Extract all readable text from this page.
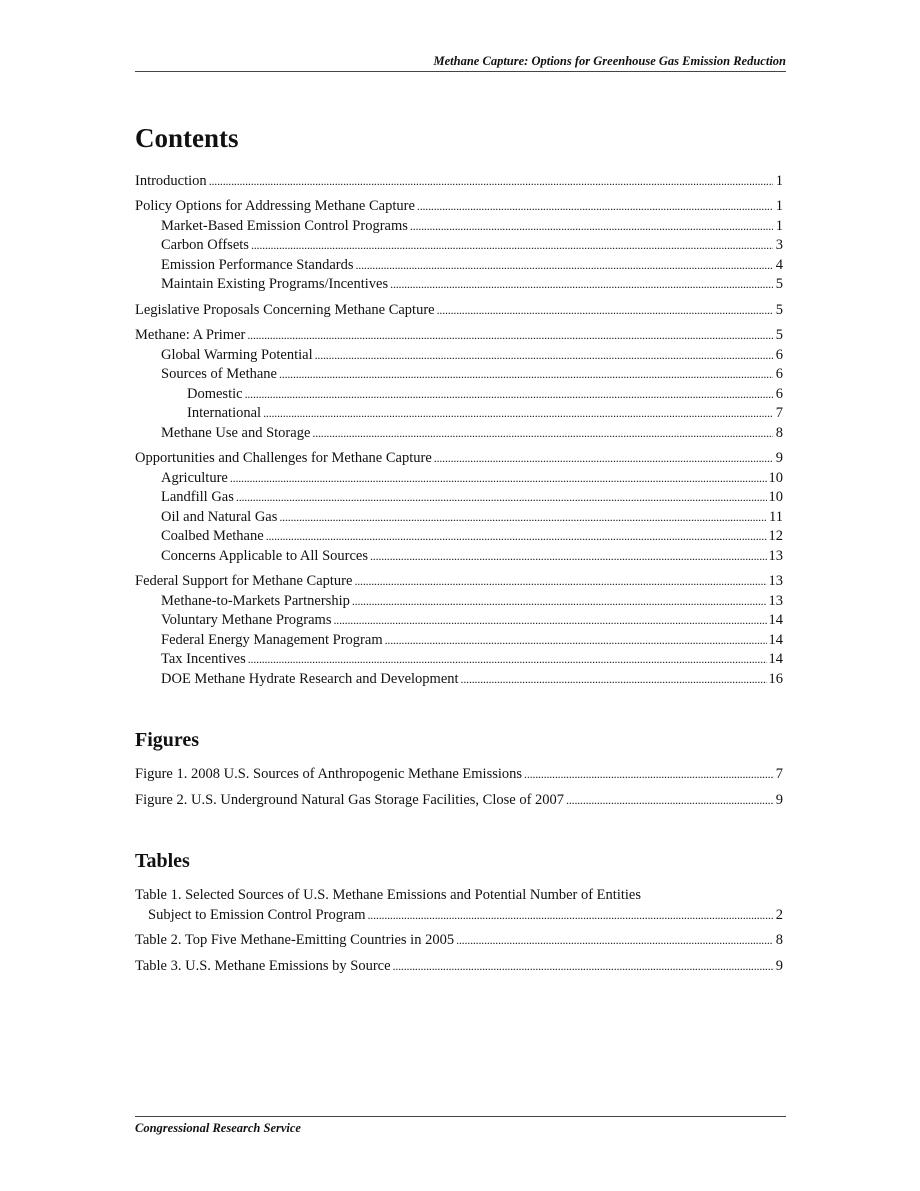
Methane Capture: Options for Greenhouse Gas Emission Reduction
Contents
Introduction . . .	1
Policy Options for Addressing Methane Capture . . .	1
Market-Based Emission Control Programs . . .	1
Carbon Offsets . . .	3
Emission Performance Standards . . .	4
Maintain Existing Programs/Incentives . . .	5
Legislative Proposals Concerning Methane Capture . . .	5
Methane: A Primer . . .	5
Global Warming Potential . . .	6
Sources of Methane . . .	6
Domestic . . .	6
International . . .	7
Methane Use and Storage . . .	8
Opportunities and Challenges for Methane Capture . . .	9
Agriculture . . .	10
Landfill Gas . . .	10
Oil and Natural Gas . . .	11
Coalbed Methane . . .	12
Concerns Applicable to All Sources . . .	13
Federal Support for Methane Capture . . .	13
Methane-to-Markets Partnership . . .	13
Voluntary Methane Programs . . .	14
Federal Energy Management Program . . .	14
Tax Incentives . . .	14
DOE Methane Hydrate Research and Development . . .	16
Figures
Figure 1. 2008 U.S. Sources of Anthropogenic Methane Emissions . . .	7
Figure 2. U.S. Underground Natural Gas Storage Facilities, Close of 2007 . . .	9
Tables
Table 1. Selected Sources of U.S. Methane Emissions and Potential Number of Entities
Subject to Emission Control Program . . .	2
Table 2. Top Five Methane-Emitting Countries in 2005 . . .	8
Table 3. U.S. Methane Emissions by Source . . .	9
Congressional Research Service
